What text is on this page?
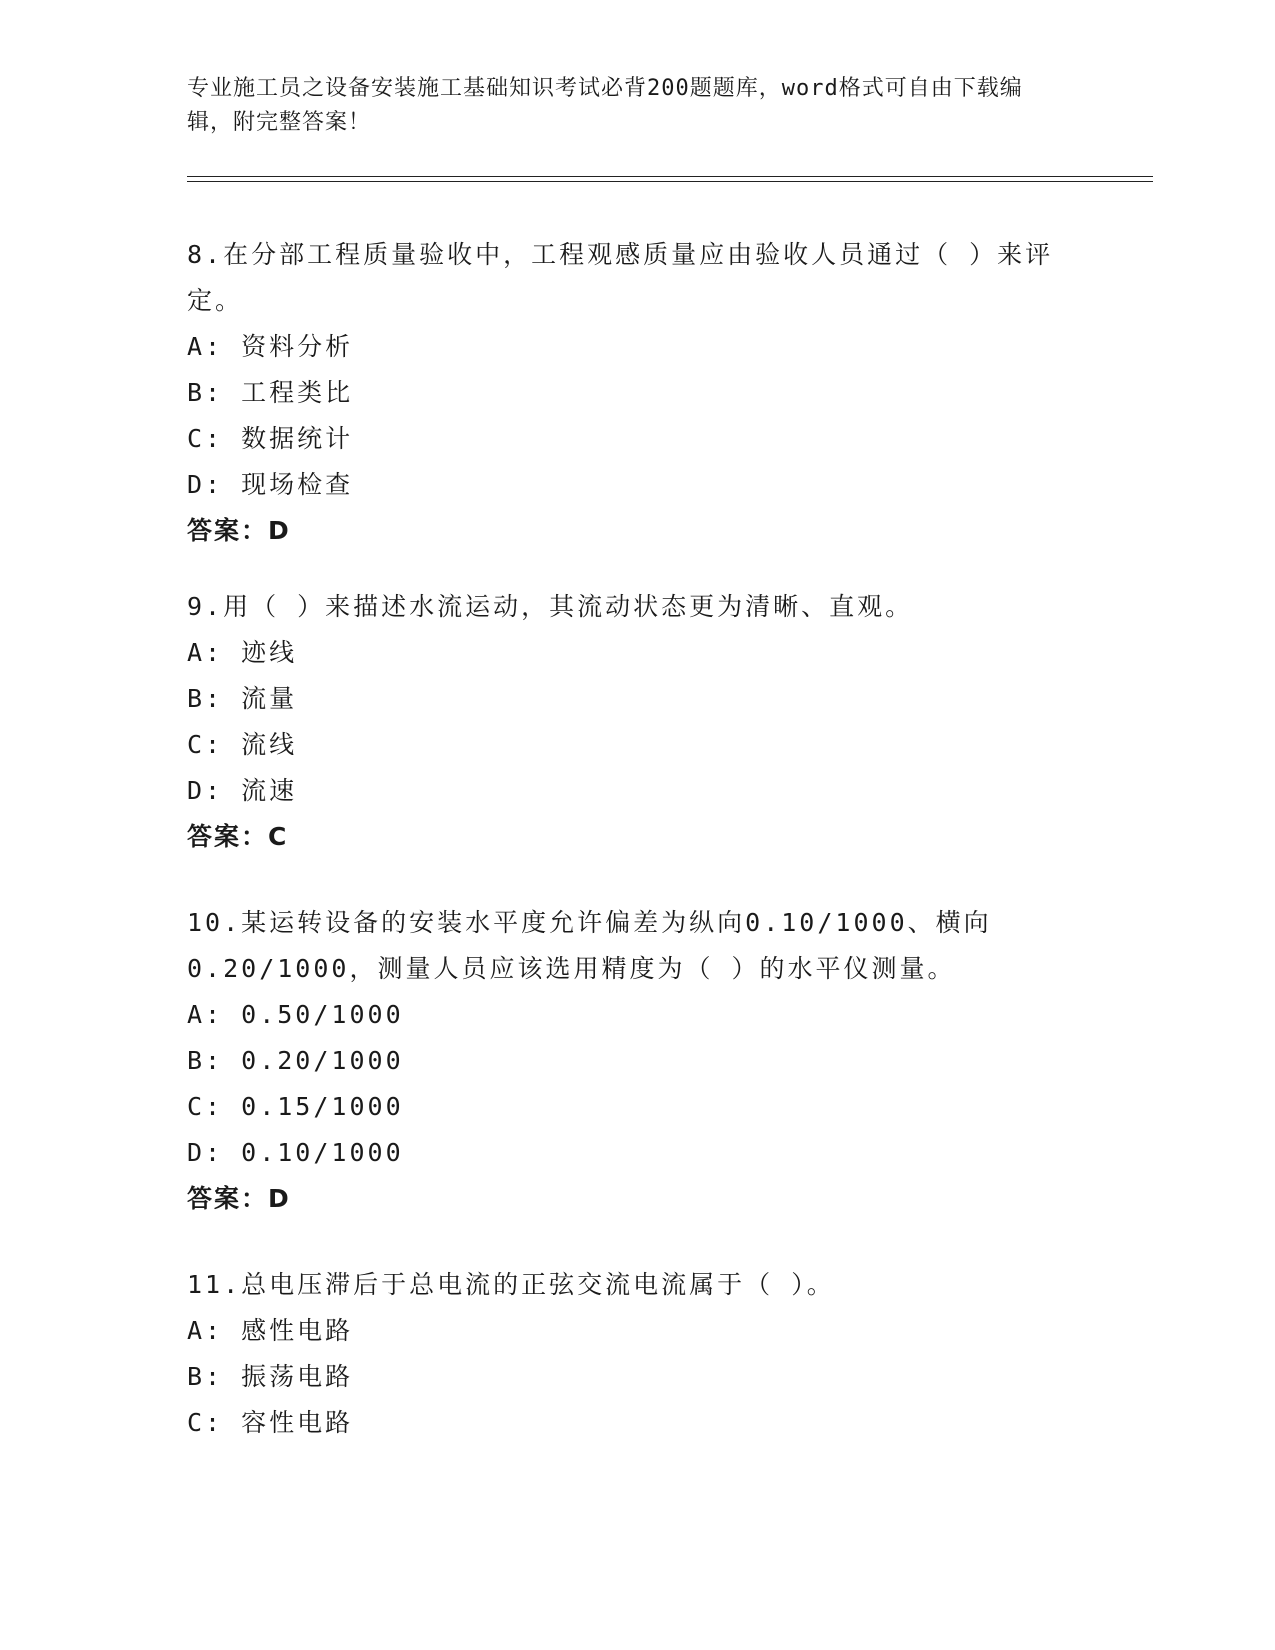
专业施工员之设备安装施工基础知识考试必背200题题库，word格式可自由下载编辑，附完整答案！
8.在分部工程质量验收中，工程观感质量应由验收人员通过（ ）来评定。
A: 资料分析
B: 工程类比
C: 数据统计
D: 现场检查
答案：D
9.用（ ）来描述水流运动，其流动状态更为清晰、直观。
A: 迹线
B: 流量
C: 流线
D: 流速
答案：C
10.某运转设备的安装水平度允许偏差为纵向0.10/1000、横向0.20/1000，测量人员应该选用精度为（ ）的水平仪测量。
A: 0.50/1000
B: 0.20/1000
C: 0.15/1000
D: 0.10/1000
答案：D
11.总电压滞后于总电流的正弦交流电流属于（ ）。
A: 感性电路
B: 振荡电路
C: 容性电路
